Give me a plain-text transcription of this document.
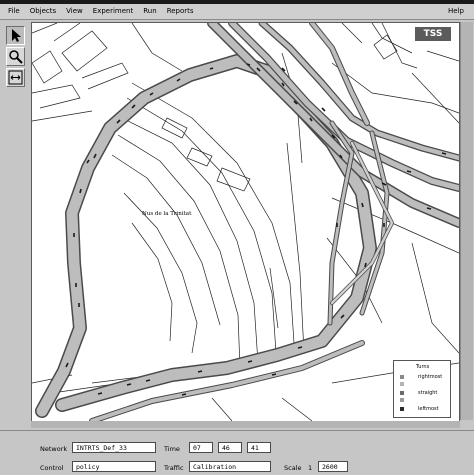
File	Objects	View	Experiment	Run	Reports	Help
TSS
Nus de la Trinitat
Turns
rightmost
straight
leftmost
Network	INTRTS_Def_33	Time	07	46	41
Control	policy	Traffic	Calibration	Scale 1	2600
